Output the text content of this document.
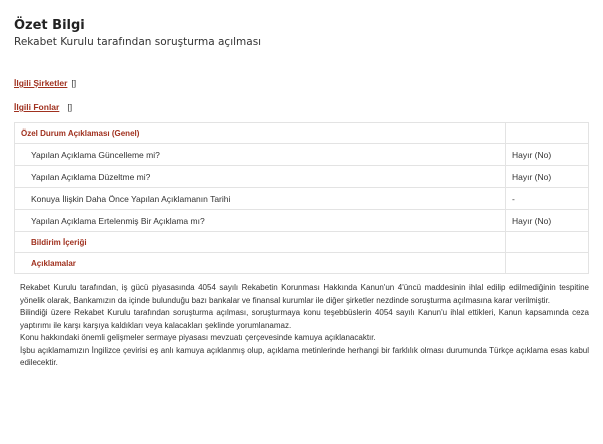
Özet Bilgi
Rekabet Kurulu tarafından soruşturma açılması
İlgili Şirketler []
İlgili Fonlar []
Özel Durum Açıklaması (Genel)	
Yapılan Açıklama Güncelleme mi?	Hayır (No)
Yapılan Açıklama Düzeltme mi?	Hayır (No)
Konuya İlişkin Daha Önce Yapılan Açıklamanın Tarihi	-
Yapılan Açıklama Ertelenmiş Bir Açıklama mı?	Hayır (No)
Bildirim İçeriği	
Açıklamalar	

Rekabet Kurulu tarafından, iş gücü piyasasında 4054 sayılı Rekabetin Korunması Hakkında Kanun'un 4'üncü maddesinin ihlal edilip edilmediğinin tespitine yönelik olarak, Bankamızın da içinde bulunduğu bazı bankalar ve finansal kurumlar ile diğer şirketler nezdinde soruşturma açılmasına karar verilmiştir.

Bilindiği üzere Rekabet Kurulu tarafından soruşturma açılması, soruşturmaya konu teşebbüslerin 4054 sayılı Kanun'u ihlal ettikleri, Kanun kapsamında ceza yaptırımı ile karşı karşıya kaldıkları veya kalacakları şeklinde yorumlanamaz.

Konu hakkındaki önemli gelişmeler sermaye piyasası mevzuatı çerçevesinde kamuya açıklanacaktır.

İşbu açıklamamızın İngilizce çevirisi eş anlı kamuya açıklanmış olup, açıklama metinlerinde herhangi bir farklılık olması durumunda Türkçe açıklama esas kabul edilecektir.
